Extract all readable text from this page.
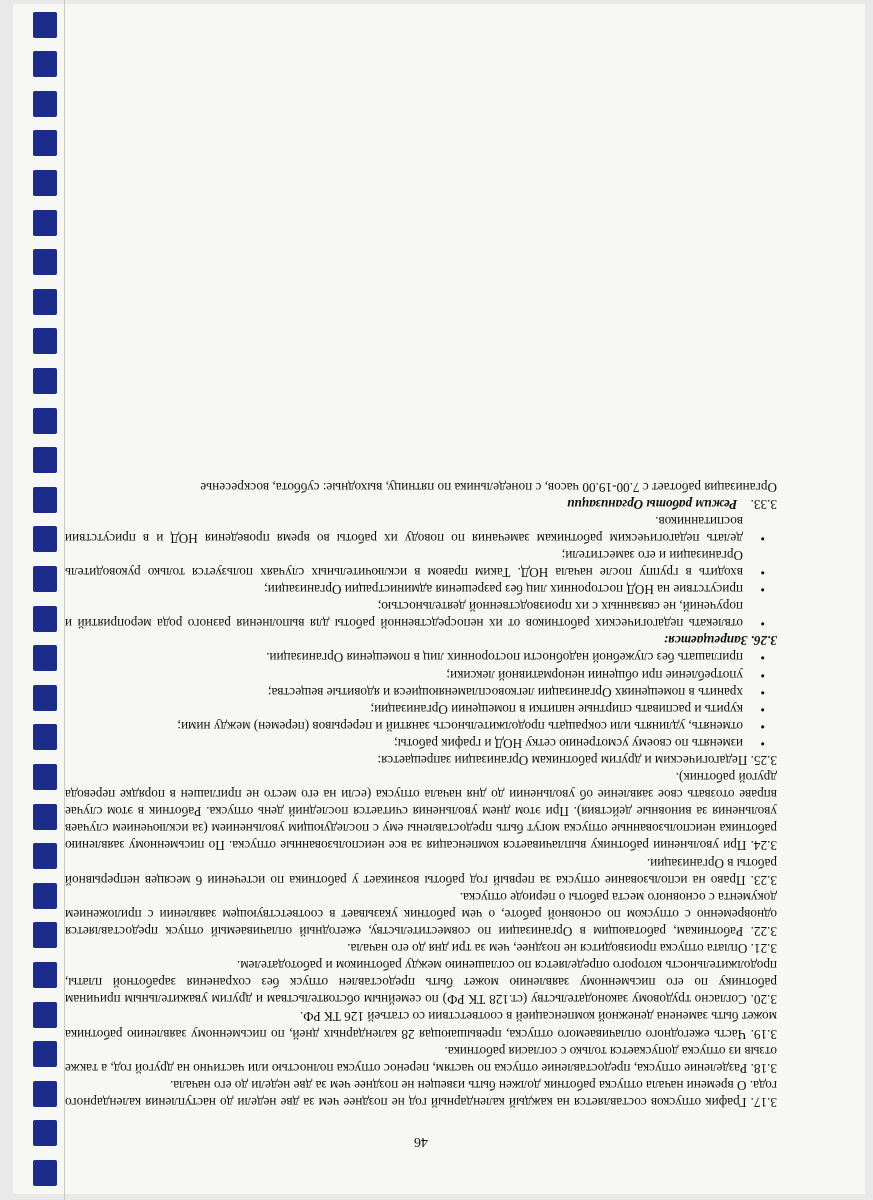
46

3.17. График отпусков составляется на каждый календарный год не позднее чем за две недели до наступления календарного года. О времени начала отпуска работник должен быть извещен не позднее чем за две недели до его начала.

3.18. Разделение отпуска, предоставление отпуска по частям, перенос отпуска полностью или частично на другой год, а также отзыв из отпуска допускается только с согласия работника.

3.19. Часть ежегодного оплачиваемого отпуска, превышающая 28 календарных дней, по письменному заявлению работника может быть заменена денежной компенсацией в соответствии со статьей 126 ТК РФ.

3.20. Согласно трудовому законодательству (ст.128 ТК РФ) по семейным обстоятельствам и другим уважительным причинам работнику по его письменному заявлению может быть предоставлен отпуск без сохранения заработной платы, продолжительность которого определяется по соглашению между работником и работодателем.

3.21. Оплата отпуска производится не позднее, чем за три дня до его начала.

3.22. Работникам, работающим в Организации по совместительству, ежегодный оплачиваемый отпуск предоставляется одновременно с отпуском по основной работе, о чем работник указывает в соответствующем заявлении с приложением документа с основного места работы о периоде отпуска.

3.23. Право на использование отпуска за первый год работы возникает у работника по истечении 6 месяцев непрерывной работы в Организации.

3.24. При увольнении работнику выплачивается компенсация за все неиспользованные отпуска. По письменному заявлению работника неиспользованные отпуска могут быть предоставлены ему с последующим увольнением (за исключением случаев увольнения за виновные действия). При этом днем увольнения считается последний день отпуска. Работник в этом случае вправе отозвать свое заявление об увольнении до дня начала отпуска (если на его место не приглашен в порядке перевода другой работник).

3.25. Педагогическим и другим работникам Организации запрещается:

• изменять по своему усмотрению сетку НОД и график работы;
• отменять, удлинять или сокращать продолжительность занятий и перерывов (перемен) между ними;
• курить и распивать спиртные напитки в помещении Организации;
• хранить в помещениях Организации легковоспламеняющиеся и ядовитые вещества;
• употребление при общении ненормативной лексики;
• приглашать без служебной надобности посторонних лиц в помещения Организации.

3.26. Запрещается:

• отвлекать педагогических работников от их непосредственной работы для выполнения разного рода мероприятий и поручений, не связанных с их производственной деятельностью;
• присутствие на НОД посторонних лиц без разрешения администрации Организации;
• входить в группу после начала НОД. Таким правом в исключительных случаях пользуется только руководитель Организации и его заместители;
• делать педагогическим работникам замечания по поводу их работы во время проведения НОД и в присутствии воспитанников.

3.33. Режим работы Организации

Организация работает с 7.00-19.00 часов, с понедельника по пятницу, выходные: суббота, воскресенье
